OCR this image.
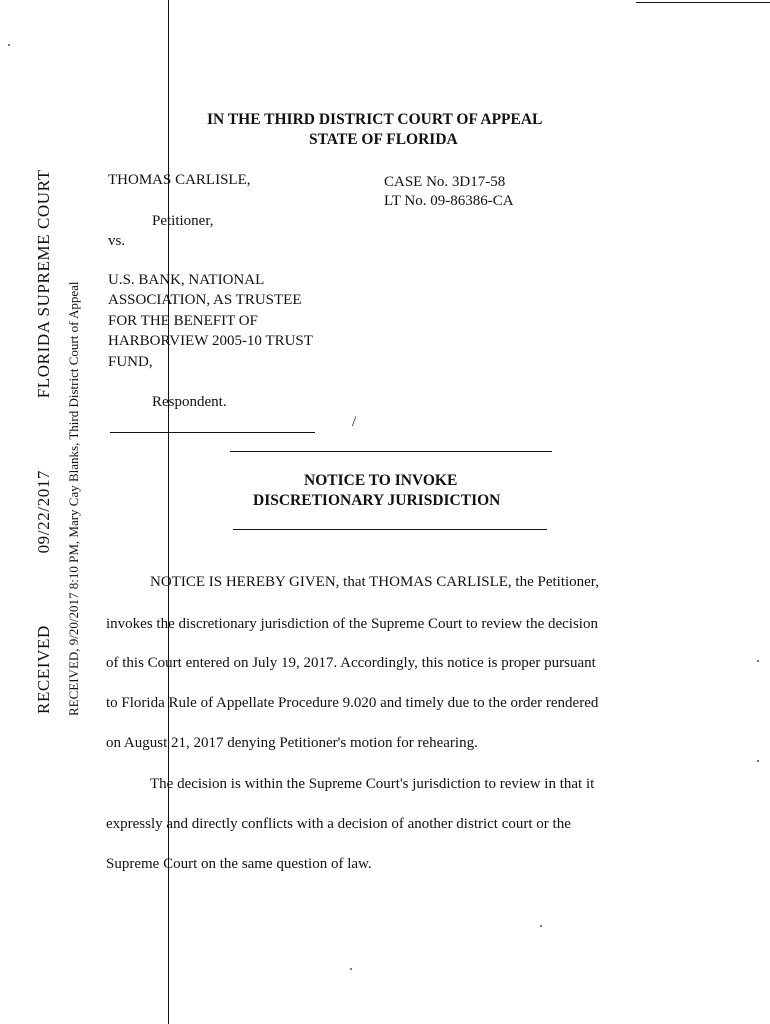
RECEIVED  09/22/2017  FLORIDA SUPREME COURT RECEIVED, 9/20/2017 8:10 PM, Mary Cay Blanks, Third District Court of Appeal
IN THE THIRD DISTRICT COURT OF APPEAL
STATE OF FLORIDA
THOMAS CARLISLE,
Petitioner,
vs.
U.S. BANK, NATIONAL
ASSOCIATION, AS TRUSTEE
FOR THE BENEFIT OF
HARBORVIEW 2005-10 TRUST
FUND,
Respondent.
/
CASE No. 3D17-58
LT No. 09-86386-CA
NOTICE TO INVOKE
DISCRETIONARY JURISDICTION
NOTICE IS HEREBY GIVEN, that THOMAS CARLISLE, the Petitioner,
invokes the discretionary jurisdiction of the Supreme Court to review the decision
of this Court entered on July 19, 2017. Accordingly, this notice is proper pursuant
to Florida Rule of Appellate Procedure 9.020 and timely due to the order rendered
on August 21, 2017 denying Petitioner's motion for rehearing.
The decision is within the Supreme Court's jurisdiction to review in that it
expressly and directly conflicts with a decision of another district court or the
Supreme Court on the same question of law.
